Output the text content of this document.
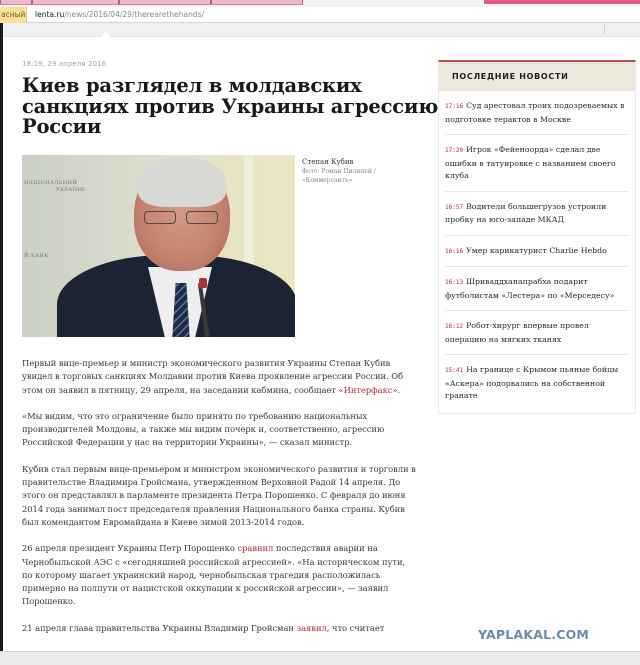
асный lenta.ru/news/2016/04/29/therearethehands/
18:19, 29 апреля 2016
Киев разглядел в молдавских санкциях против Украины агрессию России
НАЦІОНАЛЬНИЙ
УКРАЇНИ
Й БАНК
Степан Кубив
Фото: Роман Пилипей / «Коммерсантъ»

Первый вице-премьер и министр экономического развития Украины Степан Кубив увидел в торговых санкциях Молдавии против Киева проявление агрессии России. Об этом он заявил в пятницу, 29 апреля, на заседании кабмина, сообщает «Интерфакс».

«Мы видим, что это ограничение было принято по требованию национальных производителей Молдовы, а также мы видим почерк и, соответственно, агрессию Российской Федерации у нас на территории Украины», — сказал министр.

Кубив стал первым вице-премьером и министром экономического развития и торговли в правительстве Владимира Гройсмана, утвержденном Верховной Радой 14 апреля. До этого он представлял в парламенте президента Петра Порошенко. С февраля до июня 2014 года занимал пост председателя правления Национального банка страны. Кубив был комендантом Евромайдана в Киеве зимой 2013-2014 годов.

26 апреля президент Украины Петр Порошенко сравнил последствия аварии на Чернобыльской АЭС с «сегодняшней российской агрессией». «На историческом пути, по которому шагает украинский народ, чернобыльская трагедия расположилась примерно на полпути от нацистской оккупации к российской агрессии», — заявил Порошенко.

21 апреля глава правительства Украины Владимир Гройсман заявил, что считает

ПОСЛЕДНИЕ НОВОСТИ
17:16 Суд арестовал троих подозреваемых в подготовке терактов в Москве
17:20 Игрок «Фейеноорда» сделал две ошибки в татуировке с названием своего клуба
16:57 Водители большегрузов устроили пробку на юго-западе МКАД
16:16 Умер карикатурист Charlie Hebdo
16:13 Шриваддханапрабха подарит футболистам «Лестера» по «Мерседесу»
16:12 Робот-хирург впервые провел операцию на мягких тканях
15:41 На границе с Крымом пьяные бойцы «Аскера» подорвались на собственной гранате
YAPLAKAL.COM
